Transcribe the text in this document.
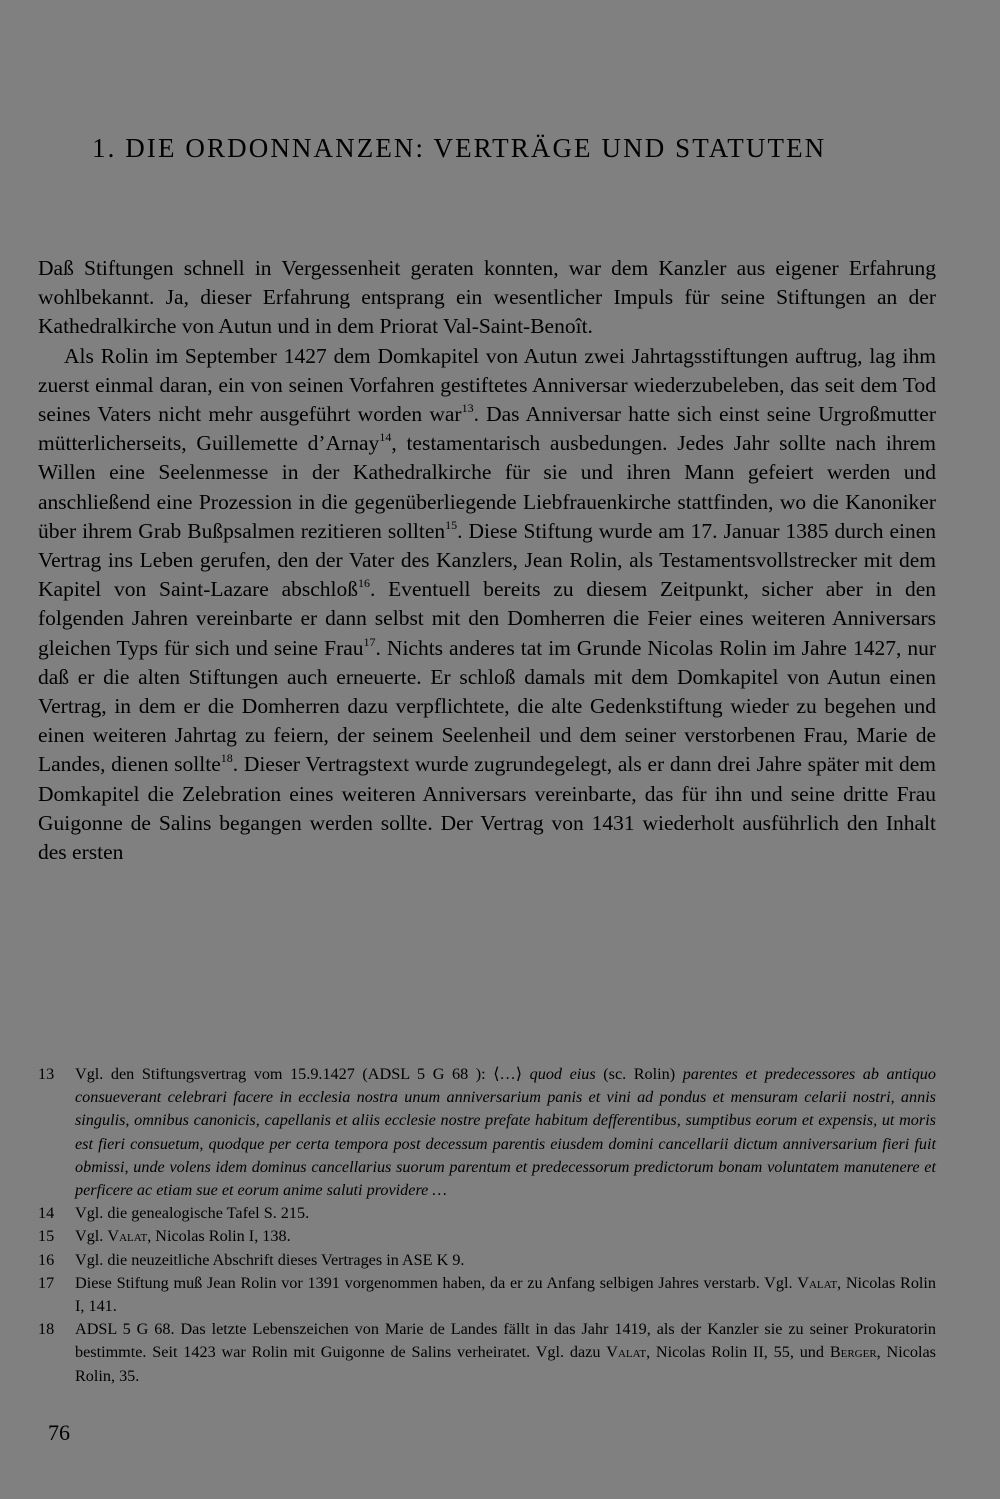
1. DIE ORDONNANZEN: VERTRÄGE UND STATUTEN

Daß Stiftungen schnell in Vergessenheit geraten konnten, war dem Kanzler aus eigener Erfahrung wohlbekannt. Ja, dieser Erfahrung entsprang ein wesentlicher Impuls für seine Stiftungen an der Kathedralkirche von Autun und in dem Priorat Val-Saint-Benoît.

Als Rolin im September 1427 dem Domkapitel von Autun zwei Jahrtagsstiftungen auftrug, lag ihm zuerst einmal daran, ein von seinen Vorfahren gestiftetes Anniversar wiederzubeleben, das seit dem Tod seines Vaters nicht mehr ausgeführt worden war$^{13}$. Das Anniversar hatte sich einst seine Urgroßmutter mütterlicherseits, Guillemette d’Arnay$^{14}$, testamentarisch ausbedungen. Jedes Jahr sollte nach ihrem Willen eine Seelenmesse in der Kathedralkirche für sie und ihren Mann gefeiert werden und anschließend eine Prozession in die gegenüberliegende Liebfrauenkirche stattfinden, wo die Kanoniker über ihrem Grab Bußpsalmen rezitieren sollten$^{15}$. Diese Stiftung wurde am 17. Januar 1385 durch einen Vertrag ins Leben gerufen, den der Vater des Kanzlers, Jean Rolin, als Testamentsvollstrecker mit dem Kapitel von Saint-Lazare abschloß$^{16}$. Eventuell bereits zu diesem Zeitpunkt, sicher aber in den folgenden Jahren vereinbarte er dann selbst mit den Domherren die Feier eines weiteren Anniversars gleichen Typs für sich und seine Frau$^{17}$. Nichts anderes tat im Grunde Nicolas Rolin im Jahre 1427, nur daß er die alten Stiftungen auch erneuerte. Er schloß damals mit dem Domkapitel von Autun einen Vertrag, in dem er die Domherren dazu verpflichtete, die alte Gedenkstiftung wieder zu begehen und einen weiteren Jahrtag zu feiern, der seinem Seelenheil und dem seiner verstorbenen Frau, Marie de Landes, dienen sollte$^{18}$. Dieser Vertragstext wurde zugrundegelegt, als er dann drei Jahre später mit dem Domkapitel die Zelebration eines weiteren Anniversars vereinbarte, das für ihn und seine dritte Frau Guigonne de Salins begangen werden sollte. Der Vertrag von 1431 wiederholt ausführlich den Inhalt des ersten

13	Vgl. den Stiftungsvertrag vom 15.9.1427 (ADSL 5 G 68 ): ⟨…⟩ quod eius (sc. Rolin) parentes et predecessores ab antiquo consueverant celebrari facere in ecclesia nostra unum anniversarium panis et vini ad pondus et mensuram celarii nostri, annis singulis, omnibus canonicis, capellanis et aliis ecclesie nostre prefate habitum defferentibus, sumptibus eorum et expensis, ut moris est fieri consuetum, quodque per certa tempora post decessum parentis eiusdem domini cancellarii dictum anniversarium fieri fuit obmissi, unde volens idem dominus cancellarius suorum parentum et predecessorum predictorum bonam voluntatem manutenere et perficere ac etiam sue et eorum anime saluti providere …
14	Vgl. die genealogische Tafel S. 215.
15	Vgl. Valat, Nicolas Rolin I, 138.
16	Vgl. die neuzeitliche Abschrift dieses Vertrages in ASE K 9.
17	Diese Stiftung muß Jean Rolin vor 1391 vorgenommen haben, da er zu Anfang selbigen Jahres verstarb. Vgl. Valat, Nicolas Rolin I, 141.
18	ADSL 5 G 68. Das letzte Lebenszeichen von Marie de Landes fällt in das Jahr 1419, als der Kanzler sie zu seiner Prokuratorin bestimmte. Seit 1423 war Rolin mit Guigonne de Salins verheiratet. Vgl. dazu Valat, Nicolas Rolin II, 55, und Berger, Nicolas Rolin, 35.
76
